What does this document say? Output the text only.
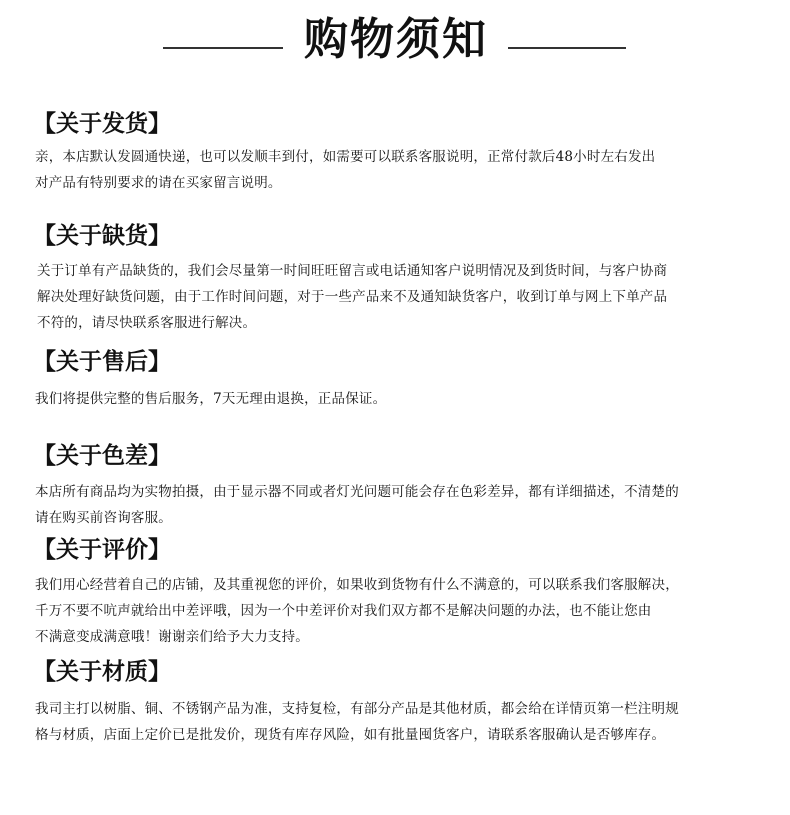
购物须知
【关于发货】
亲，本店默认发圆通快递，也可以发顺丰到付，如需要可以联系客服说明，正常付款后48小时左右发出
对产品有特别要求的请在买家留言说明。
【关于缺货】
关于订单有产品缺货的，我们会尽量第一时间旺旺留言或电话通知客户说明情况及到货时间，与客户协商
解决处理好缺货问题，由于工作时间问题，对于一些产品来不及通知缺货客户，收到订单与网上下单产品
不符的，请尽快联系客服进行解决。
【关于售后】
我们将提供完整的售后服务，7天无理由退换，正品保证。
【关于色差】
本店所有商品均为实物拍摄，由于显示器不同或者灯光问题可能会存在色彩差异，都有详细描述，不清楚的
请在购买前咨询客服。
【关于评价】
我们用心经营着自己的店铺，及其重视您的评价，如果收到货物有什么不满意的，可以联系我们客服解决，
千万不要不吭声就给出中差评哦，因为一个中差评价对我们双方都不是解决问题的办法，也不能让您由
不满意变成满意哦！谢谢亲们给予大力支持。
【关于材质】
我司主打以树脂、铜、不锈钢产品为准，支持复检，有部分产品是其他材质，都会给在详情页第一栏注明规
格与材质，店面上定价已是批发价，现货有库存风险，如有批量囤货客户，请联系客服确认是否够库存。
